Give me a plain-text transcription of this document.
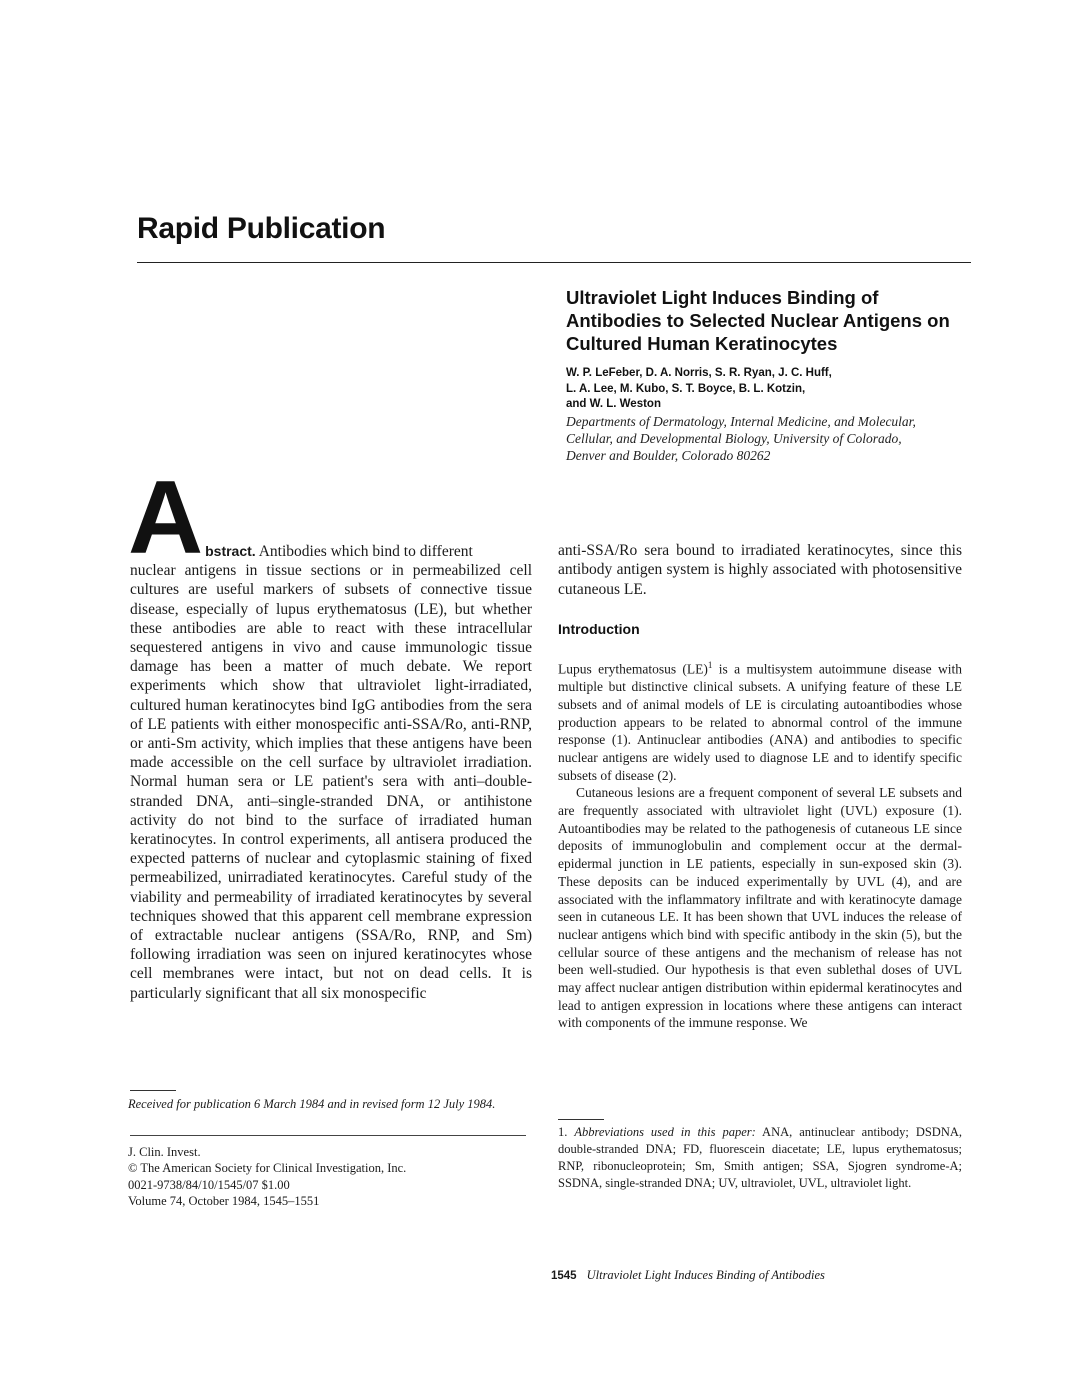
Rapid Publication
Ultraviolet Light Induces Binding of Antibodies to Selected Nuclear Antigens on Cultured Human Keratinocytes
W. P. LeFeber, D. A. Norris, S. R. Ryan, J. C. Huff,
L. A. Lee, M. Kubo, S. T. Boyce, B. L. Kotzin,
and W. L. Weston
Departments of Dermatology, Internal Medicine, and Molecular,
Cellular, and Developmental Biology, University of Colorado,
Denver and Boulder, Colorado 80262
A bstract. Antibodies which bind to different
nuclear antigens in tissue sections or in permeabilized cell cultures are useful markers of subsets of connective tissue disease, especially of lupus erythematosus (LE), but whether these antibodies are able to react with these intracellular sequestered antigens in vivo and cause immunologic tissue damage has been a matter of much debate. We report experiments which show that ultraviolet light-irradiated, cultured human keratinocytes bind IgG antibodies from the sera of LE patients with either monospecific anti-SSA/Ro, anti-RNP, or anti-Sm activity, which implies that these antigens have been made accessible on the cell surface by ultraviolet irradiation. Normal human sera or LE patient's sera with anti–double-stranded DNA, anti–single-stranded DNA, or antihistone activity do not bind to the surface of irradiated human keratinocytes. In control experiments, all antisera produced the expected patterns of nuclear and cytoplasmic staining of fixed permeabilized, unirradiated keratinocytes. Careful study of the viability and permeability of irradiated keratinocytes by several techniques showed that this apparent cell membrane expression of extractable nuclear antigens (SSA/Ro, RNP, and Sm) following irradiation was seen on injured keratinocytes whose cell membranes were intact, but not on dead cells. It is particularly significant that all six monospecific

anti-SSA/Ro sera bound to irradiated keratinocytes, since this antibody antigen system is highly associated with photosensitive cutaneous LE.

Introduction

Lupus erythematosus (LE)$^1$ is a multisystem autoimmune disease with multiple but distinctive clinical subsets. A unifying feature of these LE subsets and of animal models of LE is circulating autoantibodies whose production appears to be related to abnormal control of the immune response (1). Antinuclear antibodies (ANA) and antibodies to specific nuclear antigens are widely used to diagnose LE and to identify specific subsets of disease (2).

Cutaneous lesions are a frequent component of several LE subsets and are frequently associated with ultraviolet light (UVL) exposure (1). Autoantibodies may be related to the pathogenesis of cutaneous LE since deposits of immunoglobulin and complement occur at the dermal-epidermal junction in LE patients, especially in sun-exposed skin (3). These deposits can be induced experimentally by UVL (4), and are associated with the inflammatory infiltrate and with keratinocyte damage seen in cutaneous LE. It has been shown that UVL induces the release of nuclear antigens which bind with specific antibody in the skin (5), but the cellular source of these antigens and the mechanism of release has not been well-studied. Our hypothesis is that even sublethal doses of UVL may affect nuclear antigen distribution within epidermal keratinocytes and lead to antigen expression in locations where these antigens can interact with components of the immune response. We

Received for publication 6 March 1984 and in revised form 12 July 1984.
J. Clin. Invest.
© The American Society for Clinical Investigation, Inc.
0021-9738/84/10/1545/07 $1.00
Volume 74, October 1984, 1545–1551
1. Abbreviations used in this paper: ANA, antinuclear antibody; DSDNA, double-stranded DNA; FD, fluorescein diacetate; LE, lupus erythematosus; RNP, ribonucleoprotein; Sm, Smith antigen; SSA, Sjogren syndrome-A; SSDNA, single-stranded DNA; UV, ultraviolet, UVL, ultraviolet light.
1545 Ultraviolet Light Induces Binding of Antibodies
